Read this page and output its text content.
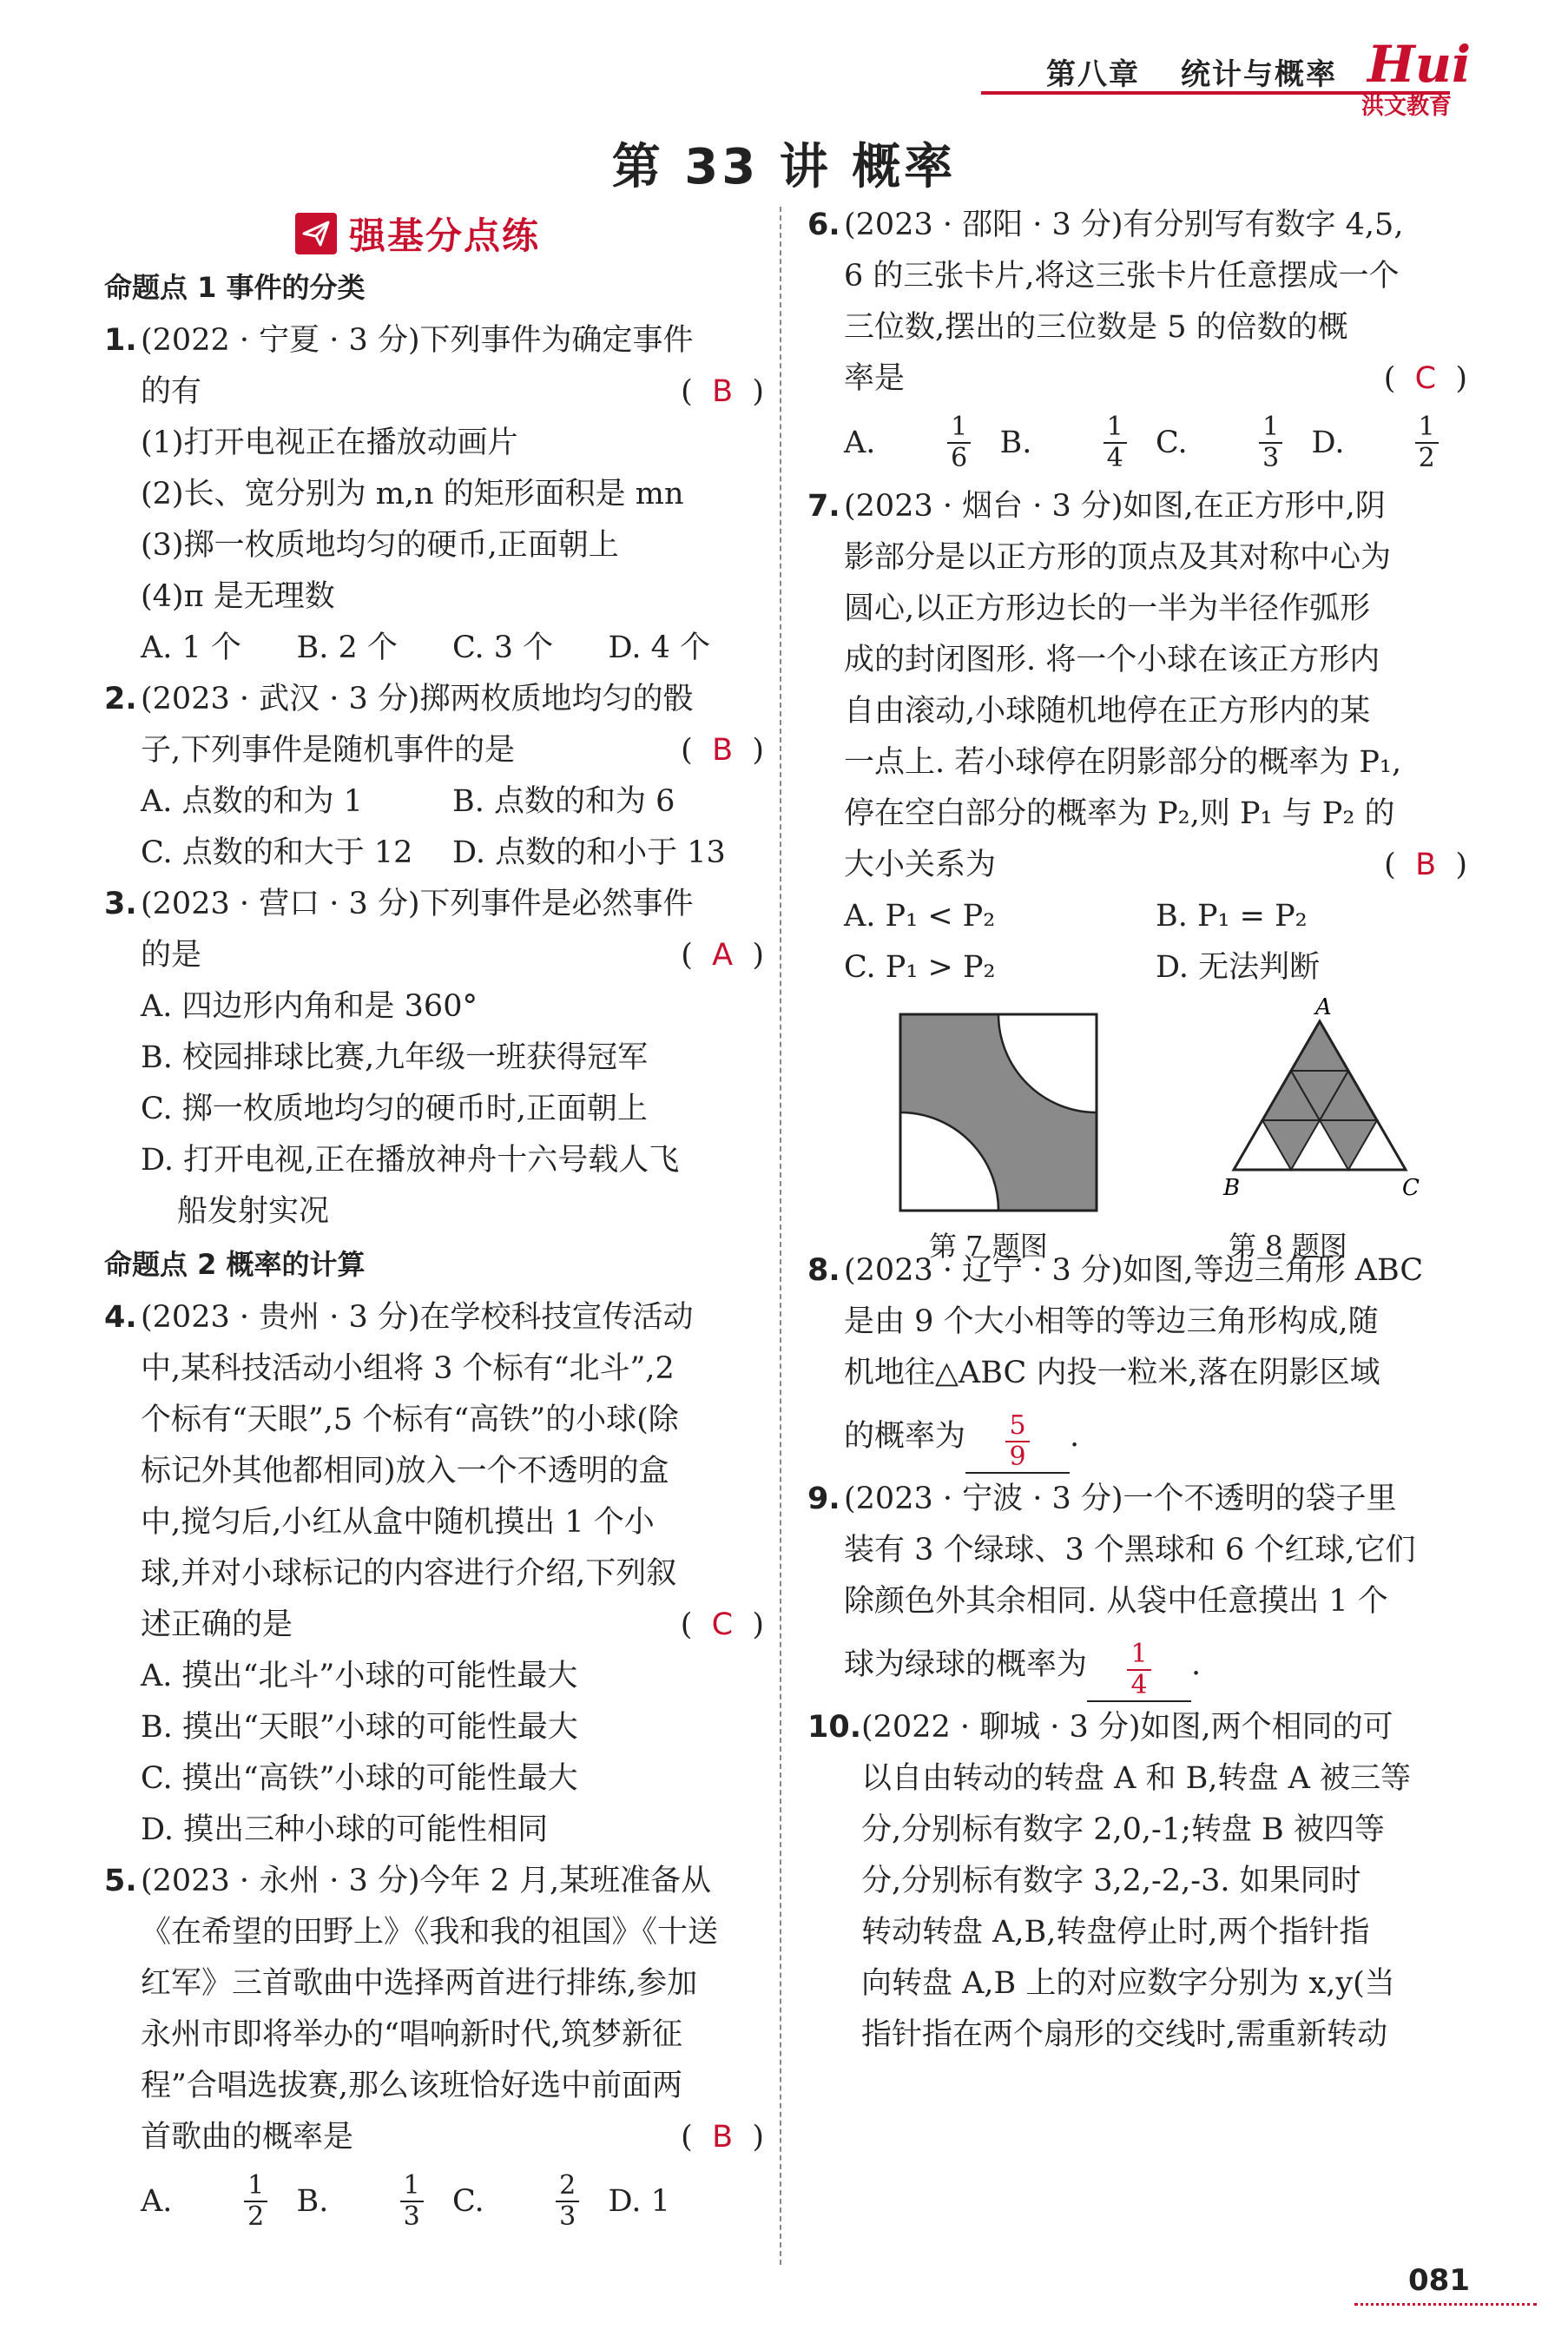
第八章 统计与概率 Hui
洪文教育
第 33 讲 概率
强基分点练
命题点 1 事件的分类
1. (2022 · 宁夏 · 3 分)下列事件为确定事件
的有	(  B  )
(1)打开电视正在播放动画片
(2)长、宽分别为 m,n 的矩形面积是 mn
(3)掷一枚质地均匀的硬币,正面朝上
(4)π 是无理数
A. 1 个	B. 2 个	C. 3 个	D. 4 个
2. (2023 · 武汉 · 3 分)掷两枚质地均匀的骰
子,下列事件是随机事件的是	(  B  )
A. 点数的和为 1	B. 点数的和为 6
C. 点数的和大于 12	D. 点数的和小于 13
3. (2023 · 营口 · 3 分)下列事件是必然事件
的是	(  A  )
A. 四边形内角和是 360°
B. 校园排球比赛,九年级一班获得冠军
C. 掷一枚质地均匀的硬币时,正面朝上
D. 打开电视,正在播放神舟十六号载人飞
船发射实况
命题点 2 概率的计算
4. (2023 · 贵州 · 3 分)在学校科技宣传活动
中,某科技活动小组将 3 个标有“北斗”,2
个标有“天眼”,5 个标有“高铁”的小球(除
标记外其他都相同)放入一个不透明的盒
中,搅匀后,小红从盒中随机摸出 1 个小
球,并对小球标记的内容进行介绍,下列叙
述正确的是	(  C  )
A. 摸出“北斗”小球的可能性最大
B. 摸出“天眼”小球的可能性最大
C. 摸出“高铁”小球的可能性最大
D. 摸出三种小球的可能性相同
5. (2023 · 永州 · 3 分)今年 2 月,某班准备从
《在希望的田野上》《我和我的祖国》《十送
红军》三首歌曲中选择两首进行排练,参加
永州市即将举办的“唱响新时代,筑梦新征
程”合唱选拔赛,那么该班恰好选中前面两
首歌曲的概率是	(  B  )
A.	$\frac{1}{2} B$.	$\frac{1}{3} C$.	$\frac{2}{3} D$. 1
6. (2023 · 邵阳 · 3 分)有分别写有数字 4,5,
6 的三张卡片,将这三张卡片任意摆成一个
三位数,摆出的三位数是 5 的倍数的概
率是	(  C  )
A.	$\frac{1}{6} B$.	$\frac{1}{4} C$.	$\frac{1}{3} D$.	$\frac{1}{2}$
7. (2023 · 烟台 · 3 分)如图,在正方形中,阴
影部分是以正方形的顶点及其对称中心为
圆心,以正方形边长的一半为半径作弧形
成的封闭图形. 将一个小球在该正方形内
自由滚动,小球随机地停在正方形内的某
一点上. 若小球停在阴影部分的概率为 P₁,
停在空白部分的概率为 P₂,则 P₁ 与 P₂ 的
大小关系为	(  B  )
A. P₁ < P₂	B. P₁ = P₂
C. P₁ > P₂	D. 无法判断
第 7 题图
A
B	C
第 8 题图
8. (2023 · 辽宁 · 3 分)如图,等边三角形 ABC
是由 9 个大小相等的等边三角形构成,随
机地往△ABC 内投一粒米,落在阴影区域
的概率为 $\frac{5}{9}$ .
9. (2023 · 宁波 · 3 分)一个不透明的袋子里
装有 3 个绿球、3 个黑球和 6 个红球,它们
除颜色外其余相同. 从袋中任意摸出 1 个
球为绿球的概率为 $\frac{1}{4}$ .
10. (2022 · 聊城 · 3 分)如图,两个相同的可
以自由转动的转盘 A 和 B,转盘 A 被三等
分,分别标有数字 2,0,-1;转盘 B 被四等
分,分别标有数字 3,2,-2,-3. 如果同时
转动转盘 A,B,转盘停止时,两个指针指
向转盘 A,B 上的对应数字分别为 x,y(当
指针指在两个扇形的交线时,需重新转动
081
